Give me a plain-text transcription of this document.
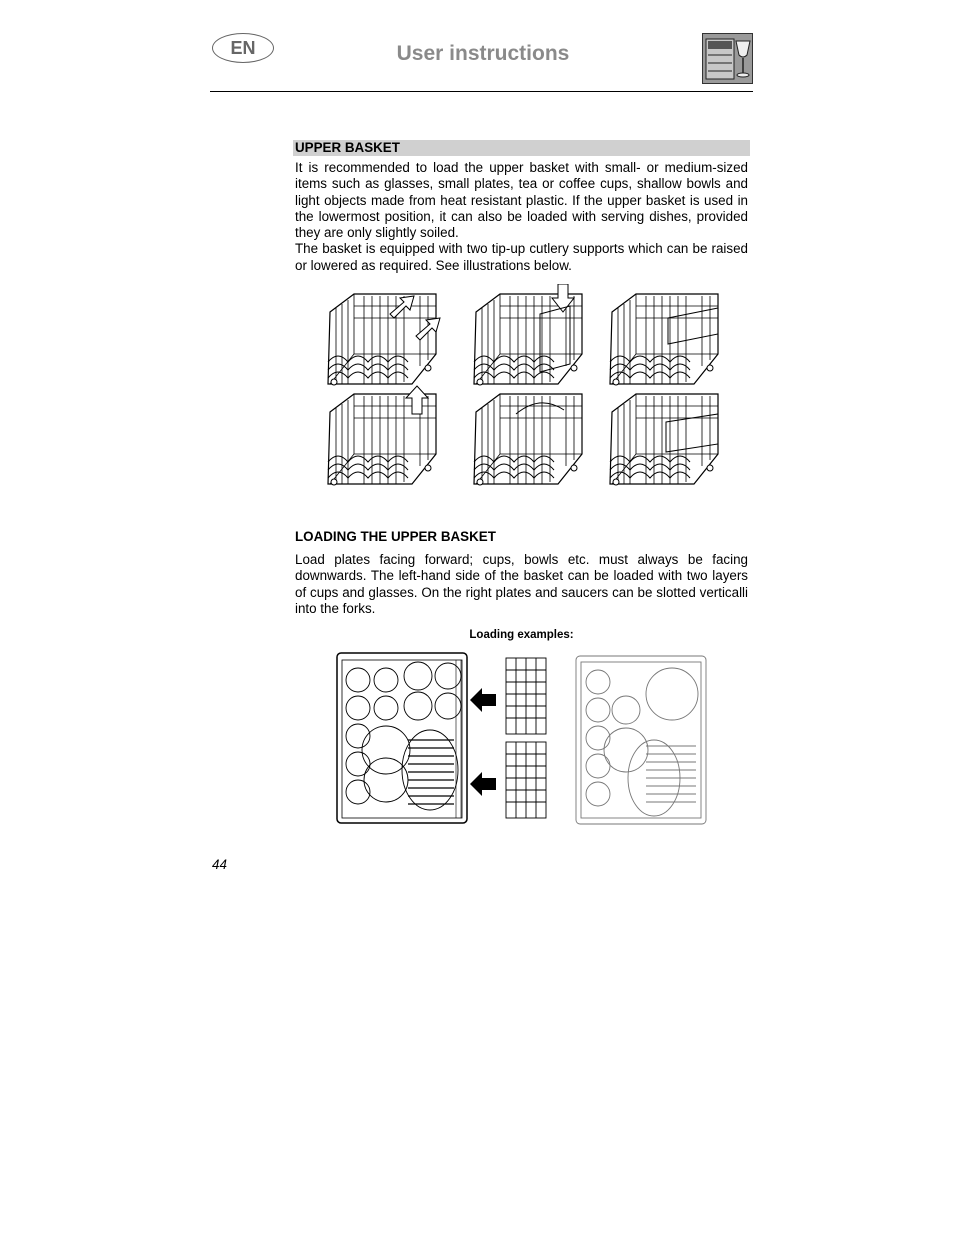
EN	User instructions
UPPER BASKET

It is recommended to load the upper basket with small- or medium-sized items such as glasses, small plates, tea or coffee cups, shallow bowls and light objects made from heat resistant plastic. If the upper basket is used in the lowermost position, it can also be loaded with serving dishes, provided they are only slightly soiled.

The basket is equipped with two tip-up cutlery supports which can be raised or lowered as required. See illustrations below.

LOADING THE UPPER BASKET

Load plates facing forward; cups, bowls etc. must always be facing downwards. The left-hand side of the basket can be loaded with two layers of cups and glasses. On the right plates and saucers can be slotted verticalli into the forks.

Loading examples:
44
